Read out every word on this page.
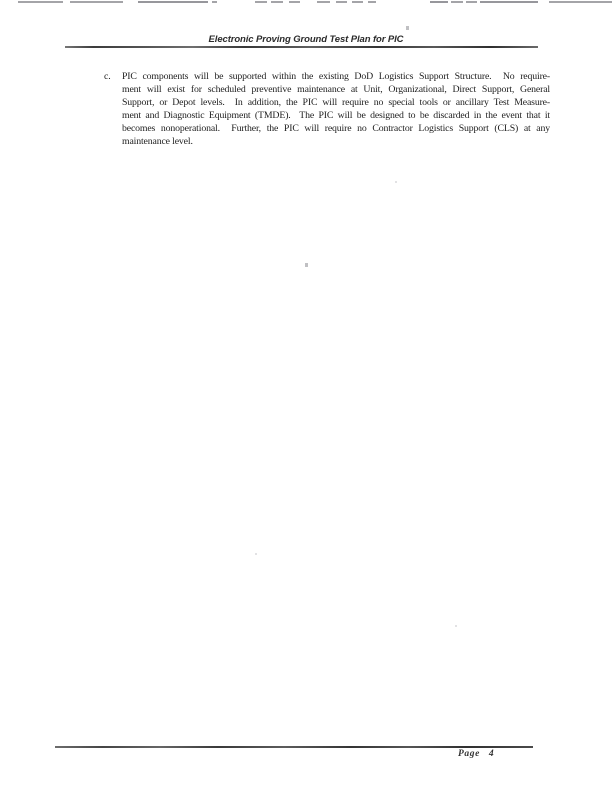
Electronic Proving Ground Test Plan for PIC
c. PIC components will be supported within the existing DoD Logistics Support Structure.  No require-
ment will exist for scheduled preventive maintenance at Unit, Organizational, Direct Support, General
Support, or Depot levels.  In addition, the PIC will require no special tools or ancillary Test Measure-
ment and Diagnostic Equipment (TMDE).  The PIC will be designed to be discarded in the event that it
becomes nonoperational.  Further, the PIC will require no Contractor Logistics Support (CLS) at any
maintenance level.
Page 4
